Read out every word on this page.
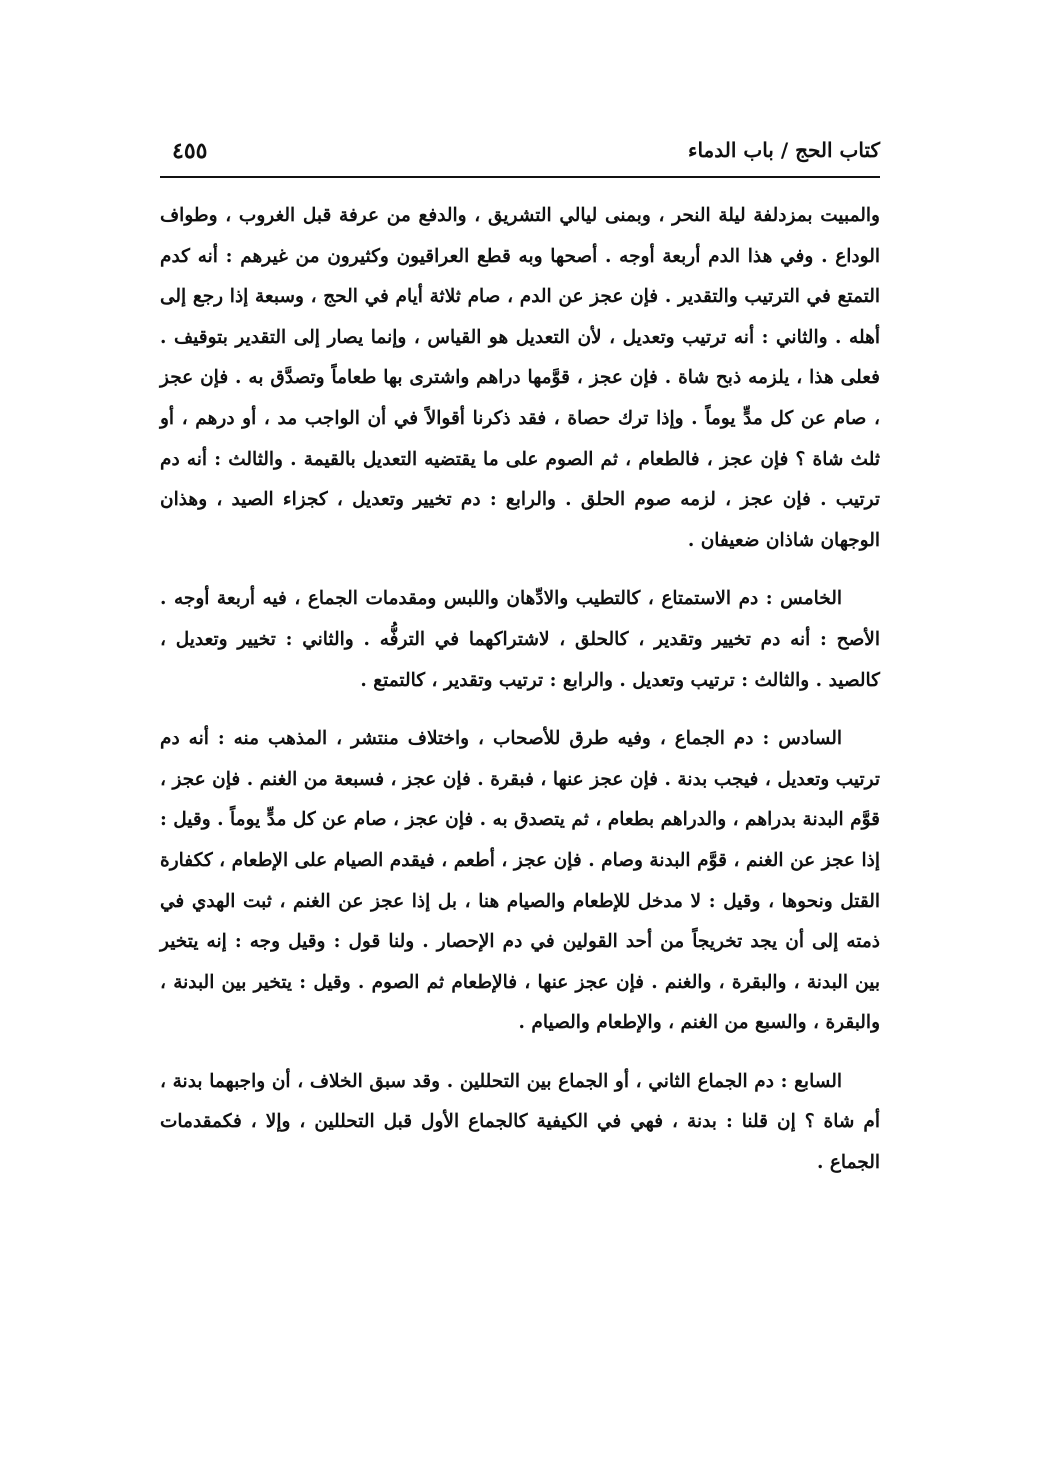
كتاب الحج / باب الدماء
٤٥٥

والمبيت بمزدلفة ليلة النحر ، وبمنى ليالي التشريق ، والدفع من عرفة قبل الغروب ، وطواف الوداع . وفي هذا الدم أربعة أوجه . أصحها وبه قطع العراقيون وكثيرون من غيرهم : أنه كدم التمتع في الترتيب والتقدير . فإن عجز عن الدم ، صام ثلاثة أيام في الحج ، وسبعة إذا رجع إلى أهله . والثاني : أنه ترتيب وتعديل ، لأن التعديل هو القياس ، وإنما يصار إلى التقدير بتوقيف . فعلى هذا ، يلزمه ذبح شاة . فإن عجز ، قوَّمها دراهم واشترى بها طعاماً وتصدَّق به . فإن عجز ، صام عن كل مدٍّ يوماً . وإذا ترك حصاة ، فقد ذكرنا أقوالاً في أن الواجب مد ، أو درهم ، أو ثلث شاة ؟ فإن عجز ، فالطعام ، ثم الصوم على ما يقتضيه التعديل بالقيمة . والثالث : أنه دم ترتيب . فإن عجز ، لزمه صوم الحلق . والرابع : دم تخيير وتعديل ، كجزاء الصيد ، وهذان الوجهان شاذان ضعيفان .

الخامس : دم الاستمتاع ، كالتطيب والادِّهان واللبس ومقدمات الجماع ، فيه أربعة أوجه . الأصح : أنه دم تخيير وتقدير ، كالحلق ، لاشتراكهما في الترفُّه . والثاني : تخيير وتعديل ، كالصيد . والثالث : ترتيب وتعديل . والرابع : ترتيب وتقدير ، كالتمتع .

السادس : دم الجماع ، وفيه طرق للأصحاب ، واختلاف منتشر ، المذهب منه : أنه دم ترتيب وتعديل ، فيجب بدنة . فإن عجز عنها ، فبقرة . فإن عجز ، فسبعة من الغنم . فإن عجز ، قوَّم البدنة بدراهم ، والدراهم بطعام ، ثم يتصدق به . فإن عجز ، صام عن كل مدٍّ يوماً . وقيل : إذا عجز عن الغنم ، قوَّم البدنة وصام . فإن عجز ، أطعم ، فيقدم الصيام على الإطعام ، ككفارة القتل ونحوها ، وقيل : لا مدخل للإطعام والصيام هنا ، بل إذا عجز عن الغنم ، ثبت الهدي في ذمته إلى أن يجد تخريجاً من أحد القولين في دم الإحصار . ولنا قول : وقيل وجه : إنه يتخير بين البدنة ، والبقرة ، والغنم . فإن عجز عنها ، فالإطعام ثم الصوم . وقيل : يتخير بين البدنة ، والبقرة ، والسبع من الغنم ، والإطعام والصيام .

السابع : دم الجماع الثاني ، أو الجماع بين التحللين . وقد سبق الخلاف ، أن واجبهما بدنة ، أم شاة ؟ إن قلنا : بدنة ، فهي في الكيفية كالجماع الأول قبل التحللين ، وإلا ، فكمقدمات الجماع .
